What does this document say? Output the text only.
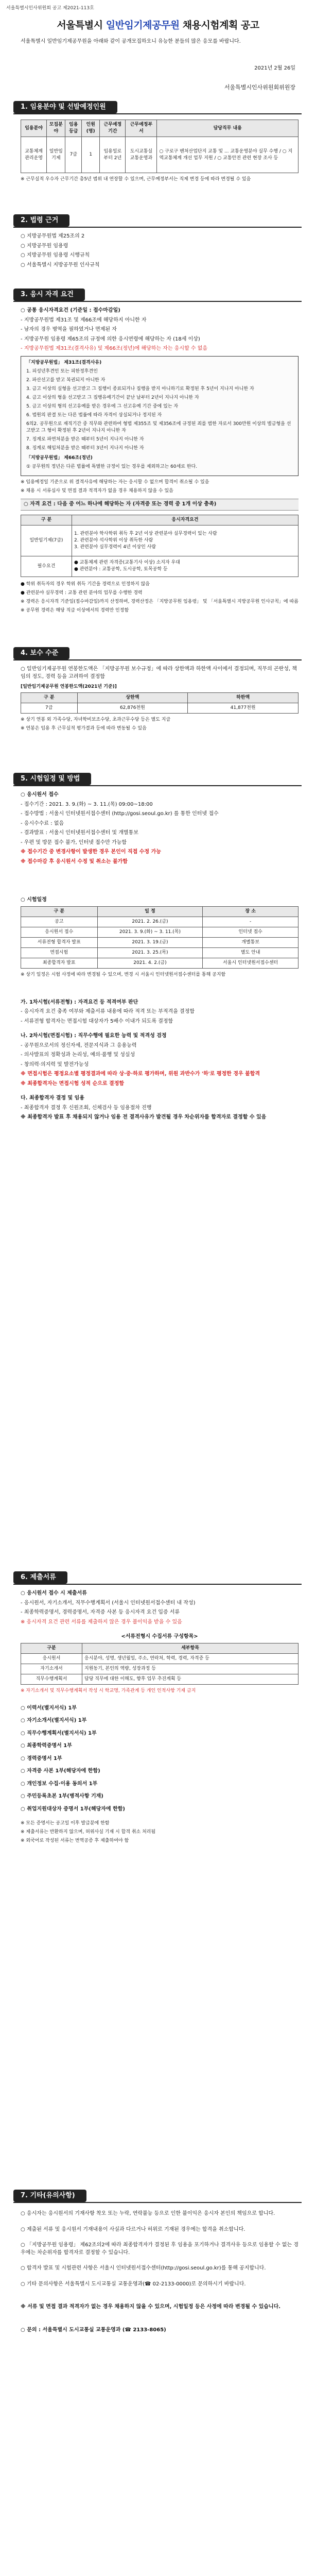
서울특별시인사위원회 공고 제2021-113호
서울특별시 일반임기제공무원 채용시험계획 공고
서울특별시 일반임기제공무원을 아래와 같이 공개모집하오니 유능한 분들의 많은 응모를 바랍니다.
2021년 2월 26일
서울특별시인사위원회위원장
1. 임용분야 및 선발예정인원
임용분야	모집분야	임용등급	인원(명)	근무예정기간	근무예정부서	담당직무 내용
교통체계관리운영	일반임기제	7급	1	임용일로부터 2년	도시교통실 교통운영과	○ 구로구 벤처산업단지 교통 및 ... 교통운영분야 실무 수행 / ○ 지역교통체계 개선 업무 지원 / ○ 교통안전 관련 현장 조사 등

※ 근무실적 우수자 근무기간 총5년 범위 내 연장할 수 있으며, 근무예정부서는 직제 변경 등에 따라 변경될 수 있음

2. 법령 근거

○ 지방공무원법 제25조의 2

○ 지방공무원 임용령

○ 지방공무원 임용령 시행규칙

○ 서울특별시 지방공무원 인사규칙

3. 응시 자격 요건

○ 공통 응시자격요건 (기준일 : 접수마감일)

- 지방공무원법 제31조 및 제66조에 해당하지 아니한 자

- 남자의 경우 병역을 필하였거나 면제된 자

- 지방공무원 임용령 제65조의 규정에 의한 응시연령에 해당하는 자 (18세 이상)

- 지방공무원법 제31조(결격사유) 및 제66조(정년)에 해당하는 자는 응시할 수 없음

「지방공무원법」 제31조(결격사유)

1. 피성년후견인 또는 피한정후견인

2. 파산선고를 받고 복권되지 아니한 자

3. 금고 이상의 실형을 선고받고 그 집행이 종료되거나 집행을 받지 아니하기로 확정된 후 5년이 지나지 아니한 자

4. 금고 이상의 형을 선고받고 그 집행유예기간이 끝난 날부터 2년이 지나지 아니한 자

5. 금고 이상의 형의 선고유예를 받은 경우에 그 선고유예 기간 중에 있는 자

6. 법원의 판결 또는 다른 법률에 따라 자격이 상실되거나 정지된 자

6의2. 공무원으로 재직기간 중 직무와 관련하여 형법 제355조 및 제356조에 규정된 죄를 범한 자로서 300만원 이상의 벌금형을 선고받고 그 형이 확정된 후 2년이 지나지 아니한 자

7. 징계로 파면처분을 받은 때부터 5년이 지나지 아니한 자

8. 징계로 해임처분을 받은 때부터 3년이 지나지 아니한 자

「지방공무원법」 제66조(정년)

① 공무원의 정년은 다른 법률에 특별한 규정이 있는 경우를 제외하고는 60세로 한다.

※ 임용예정일 기준으로 위 결격사유에 해당하는 자는 응시할 수 없으며 합격이 취소될 수 있음

※ 채용 시 서류심사 및 면접 결과 적격자가 없을 경우 채용하지 않을 수 있음

○ 자격 요건 : 다음 중 어느 하나에 해당하는 자 (자격증 또는 경력 중 1개 이상 충족)

구 분	응시자격요건
일반임기제(7급)	1. 관련분야 학사학위 취득 후 2년 이상 관련분야 실무경력이 있는 사람
2. 관련분야 석사학위 이상 취득한 사람
3. 관련분야 실무경력이 4년 이상인 사람
필수요건	● 교통체계 관련 자격증(교통기사 이상) 소지자 우대
● 관련분야 : 교통공학, 도시공학, 토목공학 등

● 학위 취득자의 경우 학위 취득 기간을 경력으로 인정하지 않음

● 관련분야 실무경력 : 교통 관련 분야의 업무를 수행한 경력

※ 경력은 응시자격 기준일(접수마감일)까지 산정하며, 경력산정은 「지방공무원 임용령」 및 「서울특별시 지방공무원 인사규칙」에 따름

※ 공무원 경력은 해당 직급 이상에서의 경력만 인정함

4. 보수 수준

○ 일반임기제공무원 연봉한도액은 「지방공무원 보수규정」에 따라 상한액과 하한액 사이에서 결정되며, 직무의 곤란성, 책임의 정도, 경력 등을 고려하여 결정함

[일반임기제공무원 연봉한도액(2021년 기준)]

구 분	상한액	하한액
7급	62,876천원	41,877천원

※ 상기 연봉 외 가족수당, 자녀학비보조수당, 초과근무수당 등은 별도 지급

※ 연봉은 임용 후 근무실적 평가결과 등에 따라 변동될 수 있음

5. 시험일정 및 방법

○ 응시원서 접수

- 접수기간 : 2021. 3. 9.(화) ~ 3. 11.(목) 09:00~18:00

- 접수방법 : 서울시 인터넷원서접수센터 (http://gosi.seoul.go.kr) 를 통한 인터넷 접수

- 응시수수료 : 없음

- 결과발표 : 서울시 인터넷원서접수센터 및 개별통보

- 우편 및 방문 접수 불가, 인터넷 접수만 가능함

※ 접수기간 중 변경사항이 발생한 경우 본인이 직접 수정 가능

※ 접수마감 후 응시원서 수정 및 취소는 불가함

○ 시험일정

구 분	일 정	장 소
공고	2021. 2. 26.(금)	-
응시원서 접수	2021. 3. 9.(화) ~ 3. 11.(목)	인터넷 접수
서류전형 합격자 발표	2021. 3. 19.(금)	개별통보
면접시험	2021. 3. 25.(목)	별도 안내
최종합격자 발표	2021. 4. 2.(금)	서울시 인터넷원서접수센터

※ 상기 일정은 시험 사정에 따라 변경될 수 있으며, 변경 시 서울시 인터넷원서접수센터를 통해 공지함

가. 1차시험(서류전형) : 자격요건 등 적격여부 판단

- 응시자격 요건 충족 여부와 제출서류 내용에 따라 적격 또는 부적격을 결정함

- 서류전형 합격자는 면접시험 대상자가 5배수 이내가 되도록 결정함

나. 2차시험(면접시험) : 직무수행에 필요한 능력 및 적격성 검정

- 공무원으로서의 정신자세, 전문지식과 그 응용능력

- 의사발표의 정확성과 논리성, 예의·품행 및 성실성

- 창의력·의지력 및 발전가능성

※ 면접시험은 평정요소별 평정결과에 따라 상·중·하로 평가하며, 위원 과반수가 '하'로 평정한 경우 불합격

※ 최종합격자는 면접시험 성적 순으로 결정함

다. 최종합격자 결정 및 임용

- 최종합격자 결정 후 신원조회, 신체검사 등 임용절차 진행

※ 최종합격자 발표 후 채용되지 않거나 임용 전 결격사유가 발견될 경우 차순위자를 합격자로 결정할 수 있음

6. 제출서류

○ 응시원서 접수 시 제출서류

- 응시원서, 자기소개서, 직무수행계획서 (서울시 인터넷원서접수센터 내 작성)

- 최종학력증명서, 경력증명서, 자격증 사본 등 응시자격 요건 입증 서류

※ 응시자격 요건 관련 서류를 제출하지 않은 경우 불이익을 받을 수 있음

<서류전형시 수집서류 구성항목>

구분	세부항목
응시원서	응시분야, 성명, 생년월일, 주소, 연락처, 학력, 경력, 자격증 등
자기소개서	지원동기, 본인의 역량, 성장과정 등
직무수행계획서	담당 직무에 대한 이해도, 향후 업무 추진계획 등

※ 자기소개서 및 직무수행계획서 작성 시 학교명, 가족관계 등 개인 인적사항 기재 금지

○ 이력서(별지서식) 1부

○ 자기소개서(별지서식) 1부

○ 직무수행계획서(별지서식) 1부

○ 최종학력증명서 1부

○ 경력증명서 1부

○ 자격증 사본 1부(해당자에 한함)

○ 개인정보 수집·이용 동의서 1부

○ 주민등록초본 1부(병적사항 기재)

○ 취업지원대상자 증명서 1부(해당자에 한함)

※ 모든 증명서는 공고일 이후 발급분에 한함

※ 제출서류는 반환하지 않으며, 허위사실 기재 시 합격 취소 처리됨

※ 외국어로 작성된 서류는 번역공증 후 제출하여야 함

7. 기타(유의사항)

○ 응시자는 응시원서의 기재사항 착오 또는 누락, 연락불능 등으로 인한 불이익은 응시자 본인의 책임으로 합니다.

○ 제출된 서류 및 응시원서 기재내용이 사실과 다르거나 허위로 기재된 경우에는 합격을 취소합니다.

○ 「지방공무원 임용령」 제62조의2에 따라 최종합격자가 결정된 후 임용을 포기하거나 결격사유 등으로 임용할 수 없는 경우에는 차순위자를 합격자로 결정할 수 있습니다.

○ 합격자 발표 및 시험관련 사항은 서울시 인터넷원서접수센터(http://gosi.seoul.go.kr)를 통해 공지합니다.

○ 기타 문의사항은 서울특별시 도시교통실 교통운영과(☎ 02-2133-0000)로 문의하시기 바랍니다.

※ 서류 및 면접 결과 적격자가 없는 경우 채용하지 않을 수 있으며, 시험일정 등은 사정에 따라 변경될 수 있습니다.

○ 문의 : 서울특별시 도시교통실 교통운영과 (☎ 2133-8065)
